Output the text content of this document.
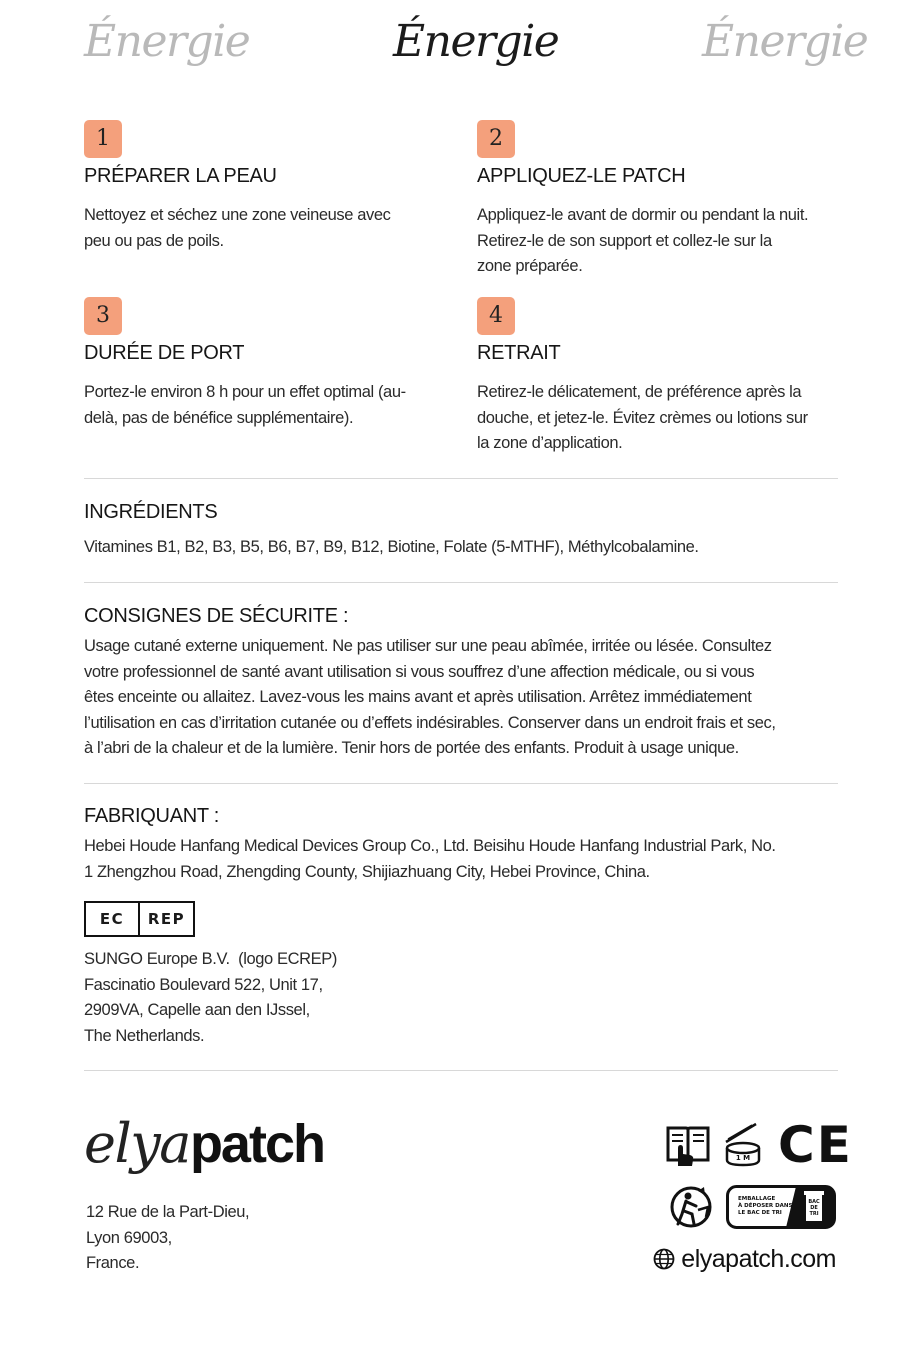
Énergie	Énergie	Énergie
1
PRÉPARER LA PEAU
Nettoyez et séchez une zone veineuse avec
peu ou pas de poils.
2
APPLIQUEZ-LE PATCH
Appliquez-le avant de dormir ou pendant la nuit.
Retirez-le de son support et collez-le sur la
zone préparée.
3
DURÉE DE PORT
Portez-le environ 8 h pour un effet optimal (au-
delà, pas de bénéfice supplémentaire).
4
RETRAIT
Retirez-le délicatement, de préférence après la
douche, et jetez-le. Évitez crèmes ou lotions sur
la zone d’application.
INGRÉDIENTS
Vitamines B1, B2, B3, B5, B6, B7, B9, B12, Biotine, Folate (5-MTHF), Méthylcobalamine.
CONSIGNES DE SÉCURITE :
Usage cutané externe uniquement. Ne pas utiliser sur une peau abîmée, irritée ou lésée. Consultez
votre professionnel de santé avant utilisation si vous souffrez d’une affection médicale, ou si vous
êtes enceinte ou allaitez. Lavez-vous les mains avant et après utilisation. Arrêtez immédiatement
l’utilisation en cas d’irritation cutanée ou d’effets indésirables. Conserver dans un endroit frais et sec,
à l’abri de la chaleur et de la lumière. Tenir hors de portée des enfants. Produit à usage unique.
FABRIQUANT :
Hebei Houde Hanfang Medical Devices Group Co., Ltd. Beisihu Houde Hanfang Industrial Park, No.
1 Zhengzhou Road, Zhengding County, Shijiazhuang City, Hebei Province, China.
EC	REP
SUNGO Europe B.V.  (logo ECREP)
Fascinatio Boulevard 522, Unit 17,
2909VA, Capelle aan den IJssel,
The Netherlands.
elyapatch
12 Rue de la Part-Dieu,
Lyon 69003,
France.
1 M CE
EMBALLAGE
À DÉPOSER DANS
LE BAC DE TRI
BAC
DE
TRI
elyapatch.com
